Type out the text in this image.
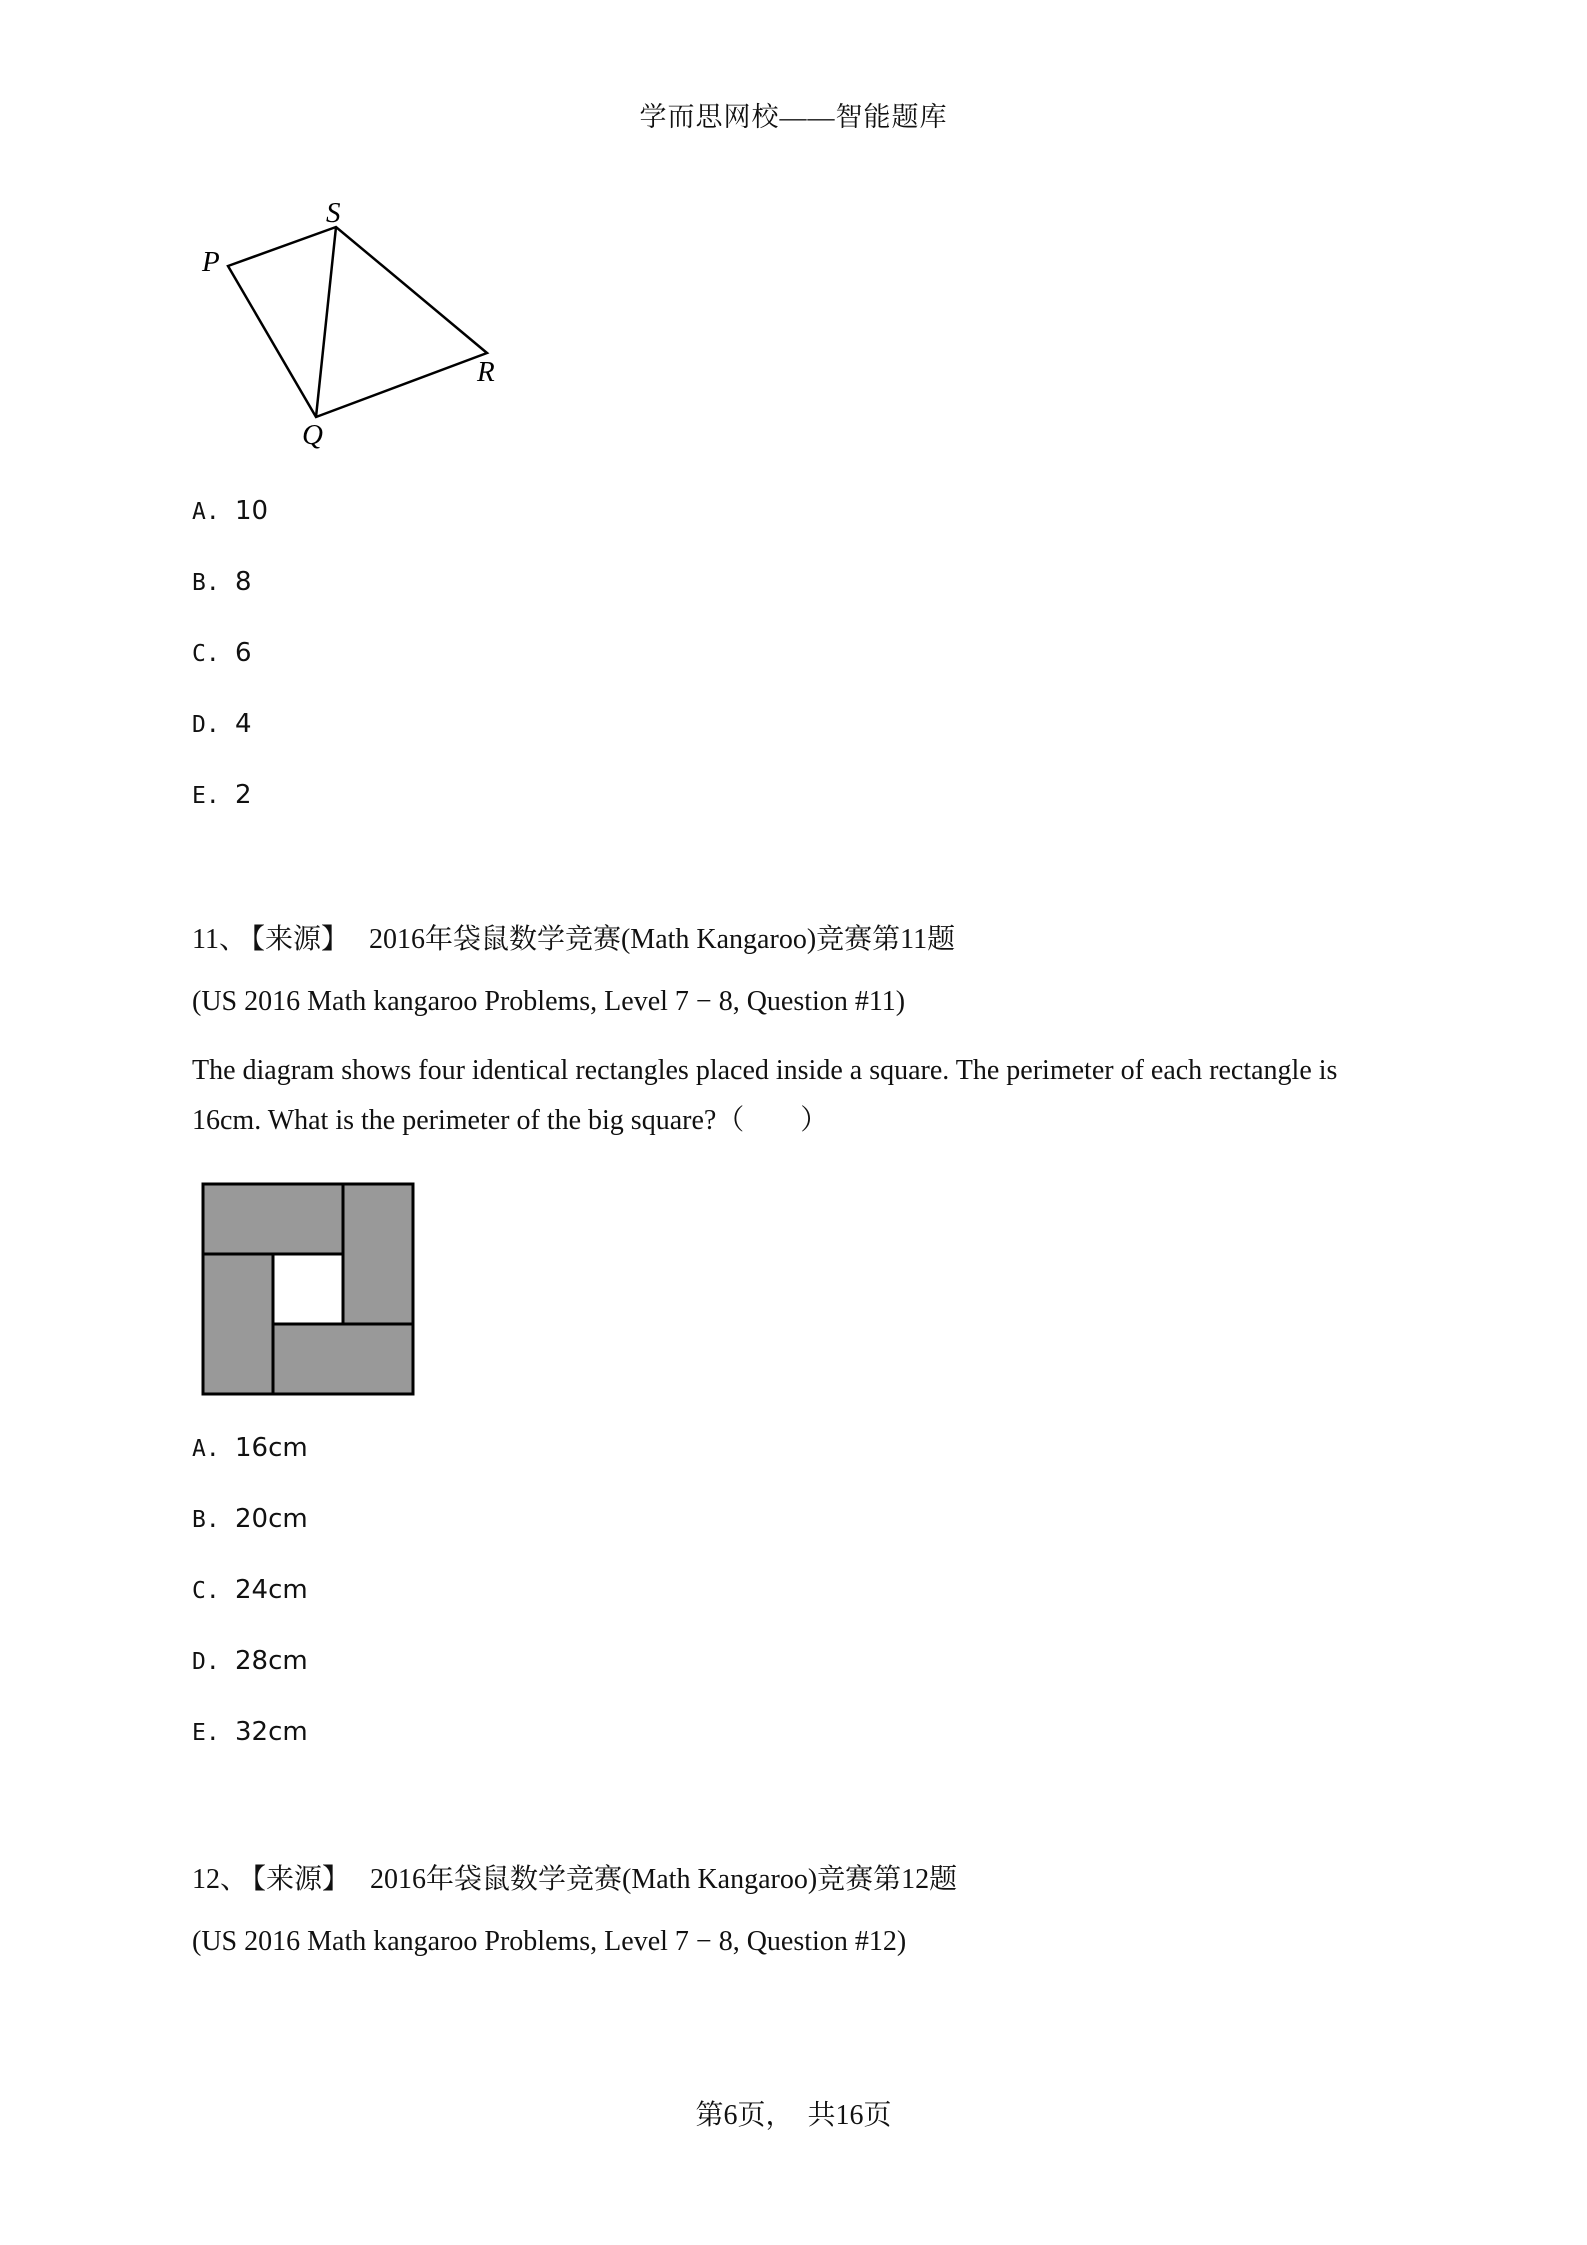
学而思网校——智能题库
S
P
R
Q
A. 10
B. 8
C. 6
D. 4
E. 2
11、 【来源】 2016年袋鼠数学竞赛(Math Kangaroo)竞赛第11题
(US 2016 Math kangaroo Problems, Level 7 − 8, Question #11)
The diagram shows four identical rectangles placed inside a square. The perimeter of each rectangle is 16cm. What is the perimeter of the big square?（　　）
A. 16cm
B. 20cm
C. 24cm
D. 28cm
E. 32cm
12、 【来源】 2016年袋鼠数学竞赛(Math Kangaroo)竞赛第12题
(US 2016 Math kangaroo Problems, Level 7 − 8, Question #12)
第6页，　共16页
